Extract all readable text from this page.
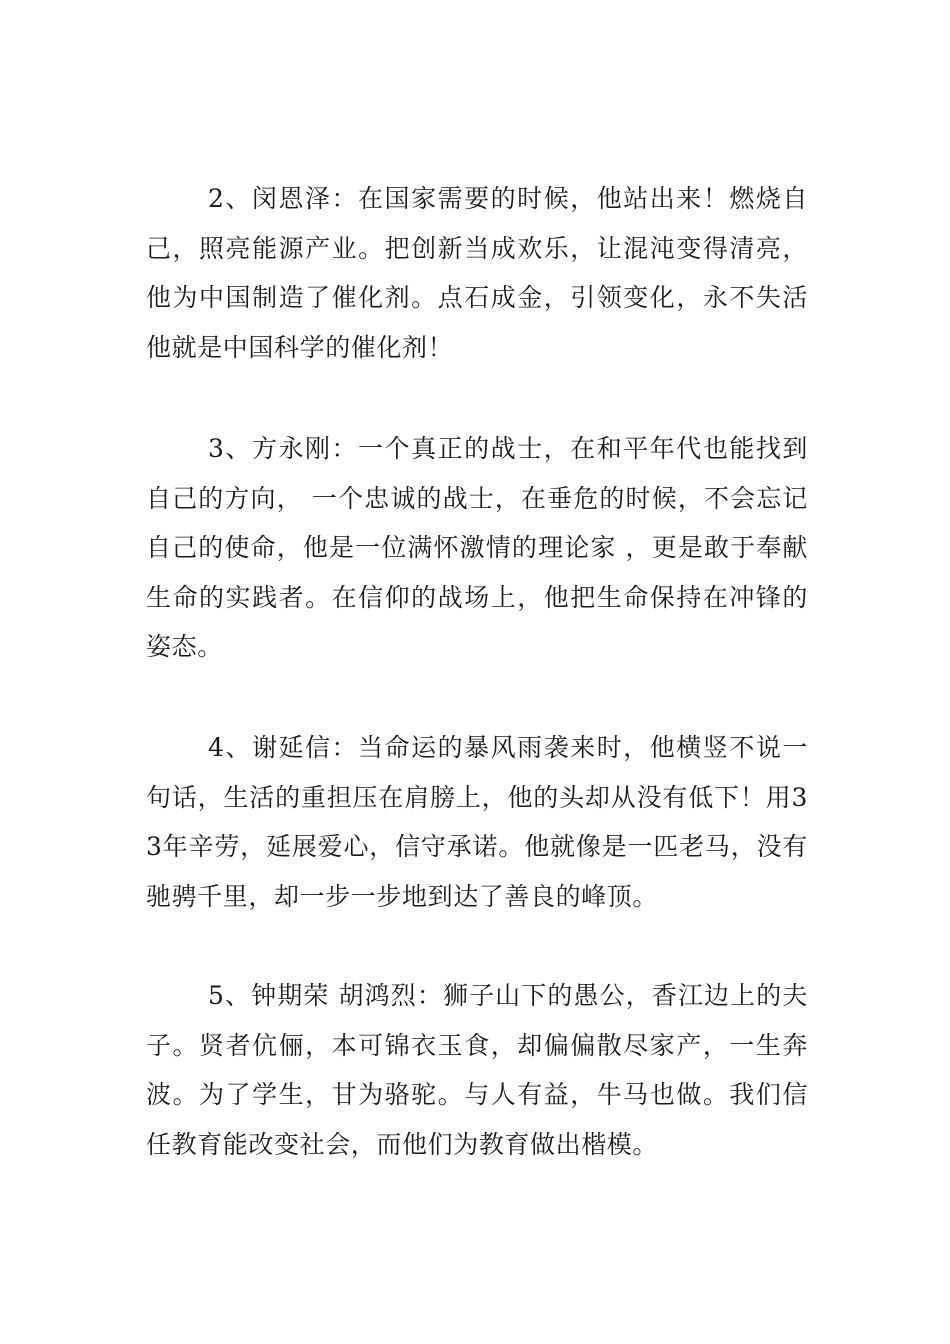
2、闵恩泽：在国家需要的时候，他站出来！燃烧自己，照亮能源产业。把创新当成欢乐，让混沌变得清亮，他为中国制造了催化剂。点石成金，引领变化，永不失活他就是中国科学的催化剂！

3、方永刚：一个真正的战士，在和平年代也能找到自己的方向， 一个忠诚的战士，在垂危的时候，不会忘记自己的使命，他是一位满怀激情的理论家 ，更是敢于奉献生命的实践者。在信仰的战场上，他把生命保持在冲锋的姿态。

4、谢延信：当命运的暴风雨袭来时，他横竖不说一句话，生活的重担压在肩膀上，他的头却从没有低下！用33年辛劳，延展爱心，信守承诺。他就像是一匹老马，没有驰骋千里，却一步一步地到达了善良的峰顶。

5、钟期荣 胡鸿烈：狮子山下的愚公，香江边上的夫子。贤者伉俪，本可锦衣玉食，却偏偏散尽家产，一生奔波。为了学生，甘为骆驼。与人有益，牛马也做。我们信任教育能改变社会，而他们为教育做出楷模。
